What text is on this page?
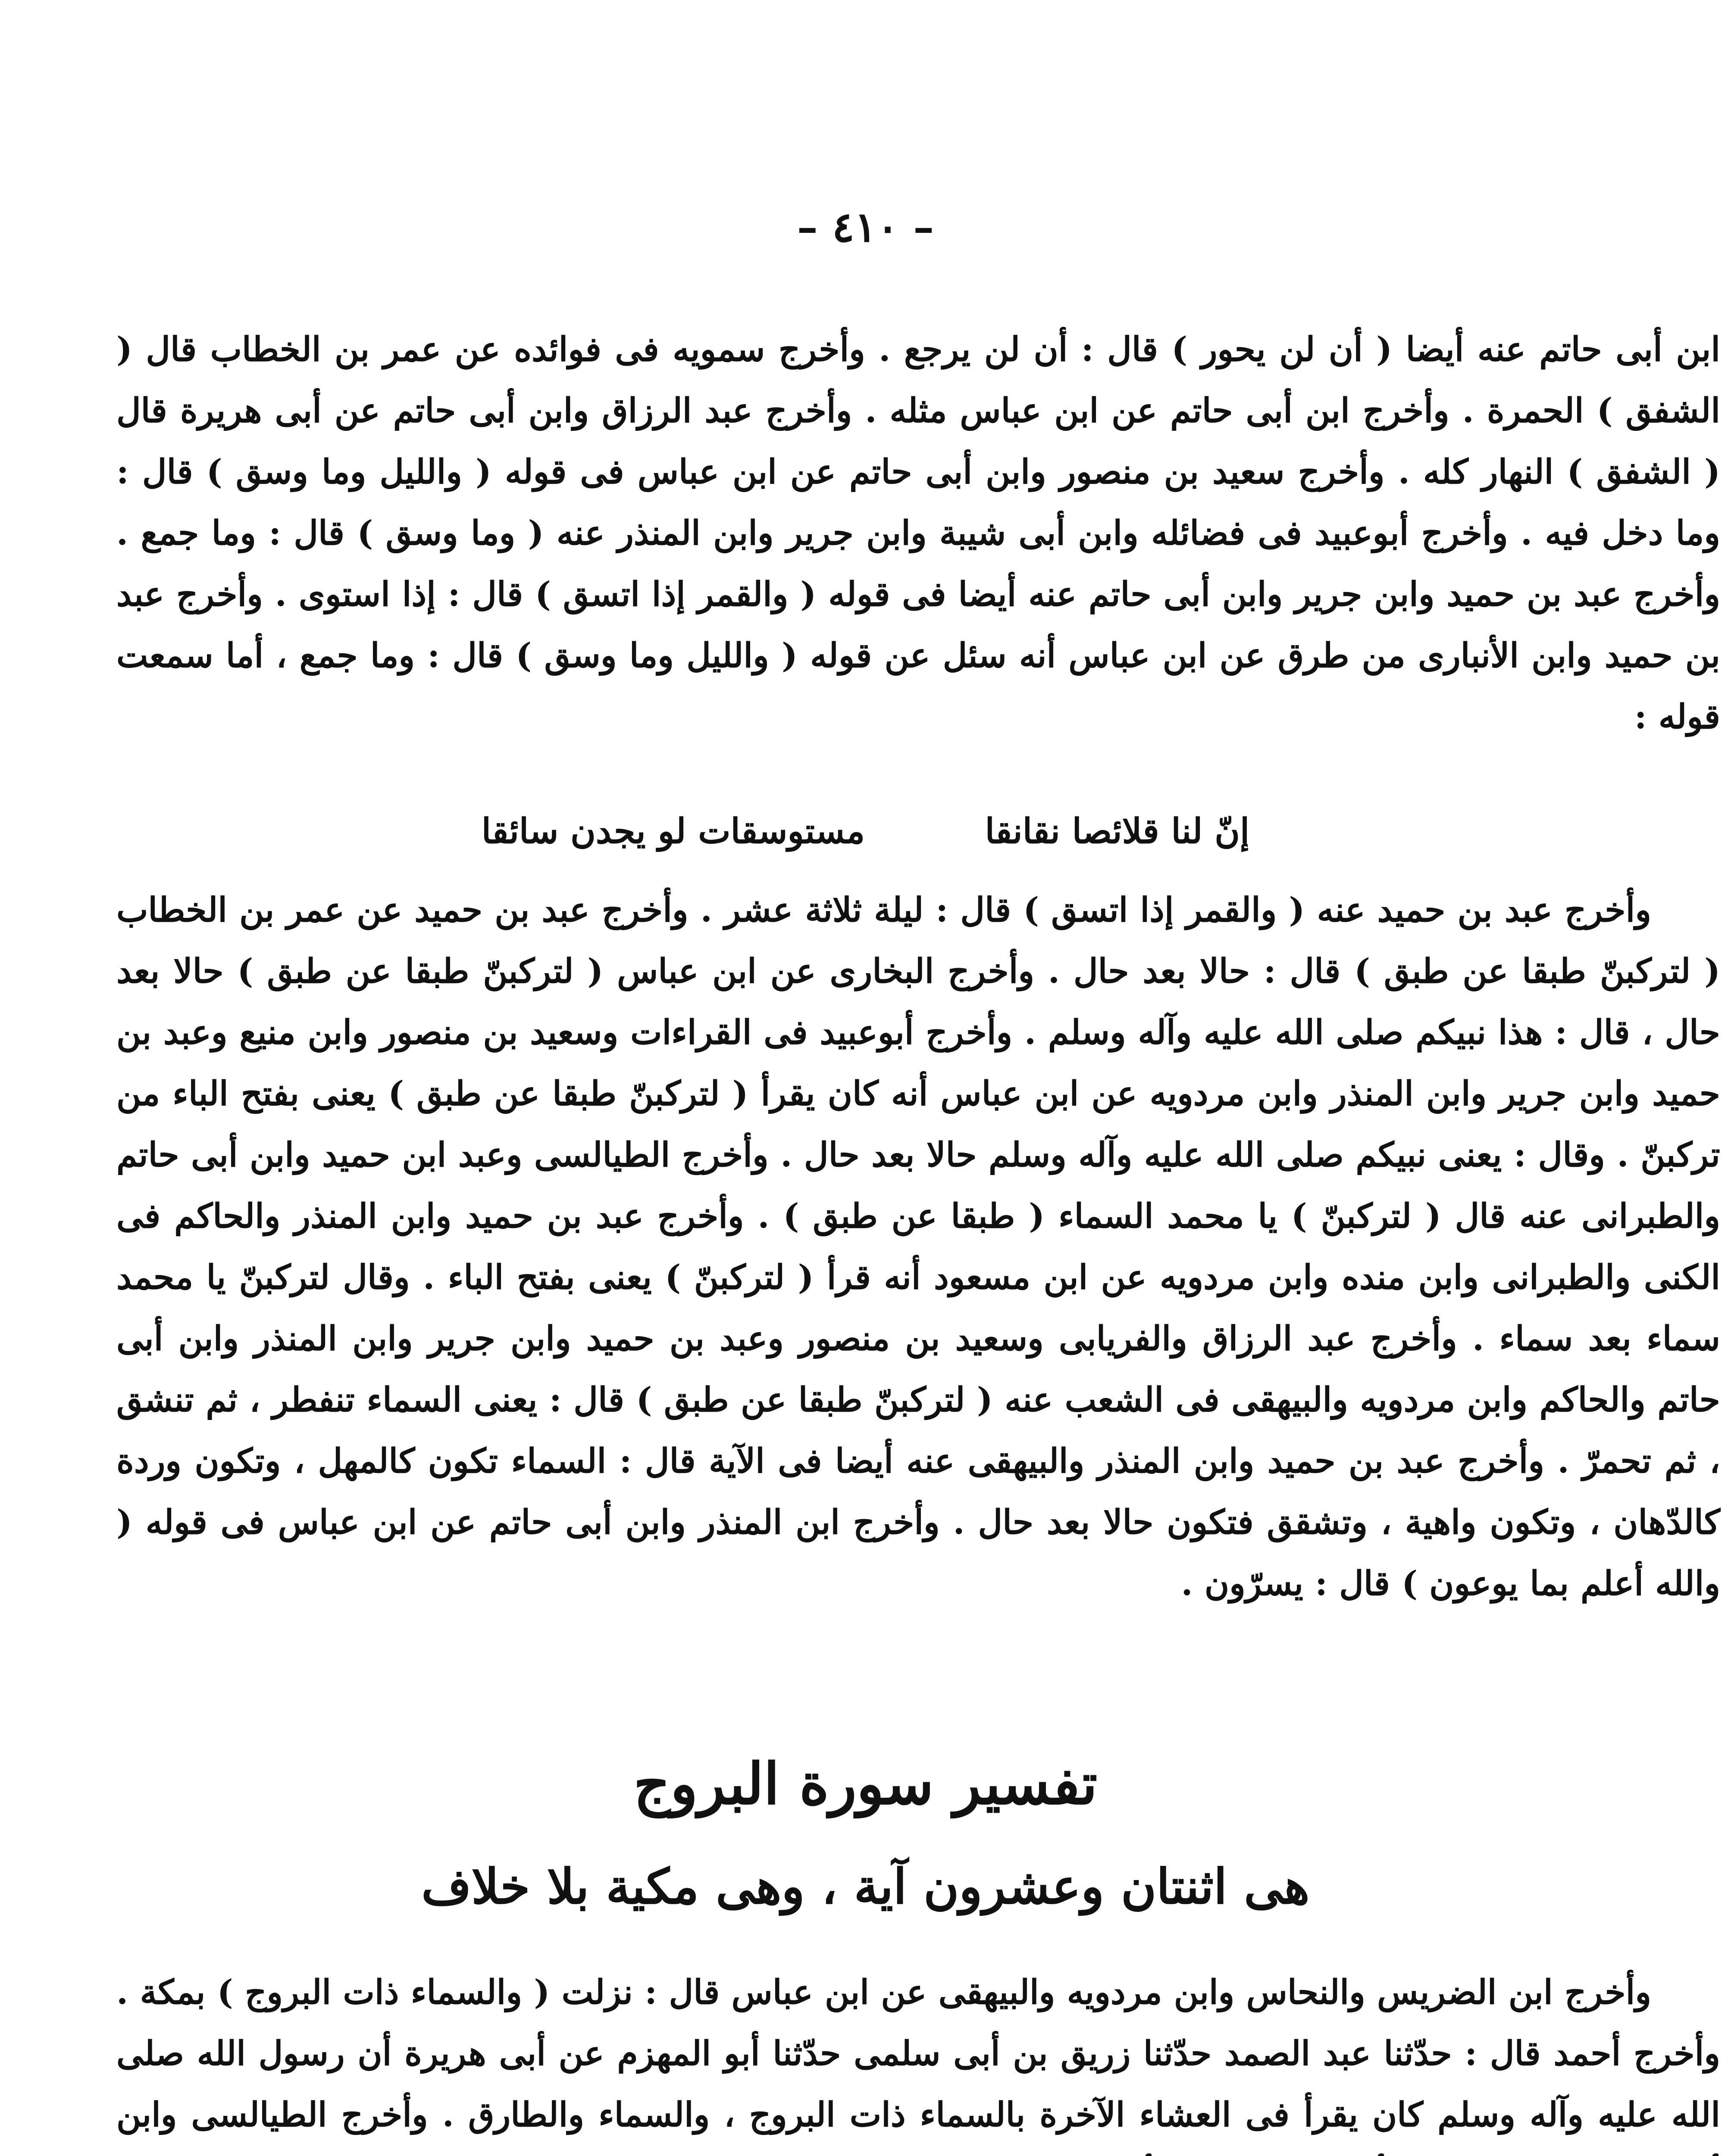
– ٤١٠ –

ابن أبى حاتم عنه أيضا ( أن لن يحور ) قال : أن لن يرجع . وأخرج سمويه فى فوائده عن عمر بن الخطاب قال ( الشفق ) الحمرة . وأخرج ابن أبى حاتم عن ابن عباس مثله . وأخرج عبد الرزاق وابن أبى حاتم عن أبى هريرة قال ( الشفق ) النهار كله . وأخرج سعيد بن منصور وابن أبى حاتم عن ابن عباس فى قوله ( والليل وما وسق ) قال : وما دخل فيه . وأخرج أبوعبيد فى فضائله وابن أبى شيبة وابن جرير وابن المنذر عنه ( وما وسق ) قال : وما جمع . وأخرج عبد بن حميد وابن جرير وابن أبى حاتم عنه أيضا فى قوله ( والقمر إذا اتسق ) قال : إذا استوى . وأخرج عبد بن حميد وابن الأنبارى من طرق عن ابن عباس أنه سئل عن قوله ( والليل وما وسق ) قال : وما جمع ، أما سمعت قوله :

إنّ لنا قلائصا نقانقا          مستوسقات لو يجدن سائقا

وأخرج عبد بن حميد عنه ( والقمر إذا اتسق ) قال : ليلة ثلاثة عشر . وأخرج عبد بن حميد عن عمر بن الخطاب ( لتركبنّ طبقا عن طبق ) قال : حالا بعد حال . وأخرج البخارى عن ابن عباس ( لتركبنّ طبقا عن طبق ) حالا بعد حال ، قال : هذا نبيكم صلى الله عليه وآله وسلم . وأخرج أبوعبيد فى القراءات وسعيد بن منصور وابن منيع وعبد بن حميد وابن جرير وابن المنذر وابن مردويه عن ابن عباس أنه كان يقرأ ( لتركبنّ طبقا عن طبق ) يعنى بفتح الباء من تركبنّ . وقال : يعنى نبيكم صلى الله عليه وآله وسلم حالا بعد حال . وأخرج الطيالسى وعبد ابن حميد وابن أبى حاتم والطبرانى عنه قال ( لتركبنّ ) يا محمد السماء ( طبقا عن طبق ) . وأخرج عبد بن حميد وابن المنذر والحاكم فى الكنى والطبرانى وابن منده وابن مردويه عن ابن مسعود أنه قرأ ( لتركبنّ ) يعنى بفتح الباء . وقال لتركبنّ يا محمد سماء بعد سماء . وأخرج عبد الرزاق والفريابى وسعيد بن منصور وعبد بن حميد وابن جرير وابن المنذر وابن أبى حاتم والحاكم وابن مردويه والبيهقى فى الشعب عنه ( لتركبنّ طبقا عن طبق ) قال : يعنى السماء تنفطر ، ثم تنشق ، ثم تحمرّ . وأخرج عبد بن حميد وابن المنذر والبيهقى عنه أيضا فى الآية قال : السماء تكون كالمهل ، وتكون وردة كالدّهان ، وتكون واهية ، وتشقق فتكون حالا بعد حال . وأخرج ابن المنذر وابن أبى حاتم عن ابن عباس فى قوله ( والله أعلم بما يوعون ) قال : يسرّون .

تفسير سورة البروج
هى اثنتان وعشرون آية ، وهى مكية بلا خلاف

وأخرج ابن الضريس والنحاس وابن مردويه والبيهقى عن ابن عباس قال : نزلت ( والسماء ذات البروج ) بمكة . وأخرج أحمد قال : حدّثنا عبد الصمد حدّثنا زريق بن أبى سلمى حدّثنا أبو المهزم عن أبى هريرة أن رسول الله صلى الله عليه وآله وسلم كان يقرأ فى العشاء الآخرة بالسماء ذات البروج ، والسماء والطارق . وأخرج الطيالسى وابن
